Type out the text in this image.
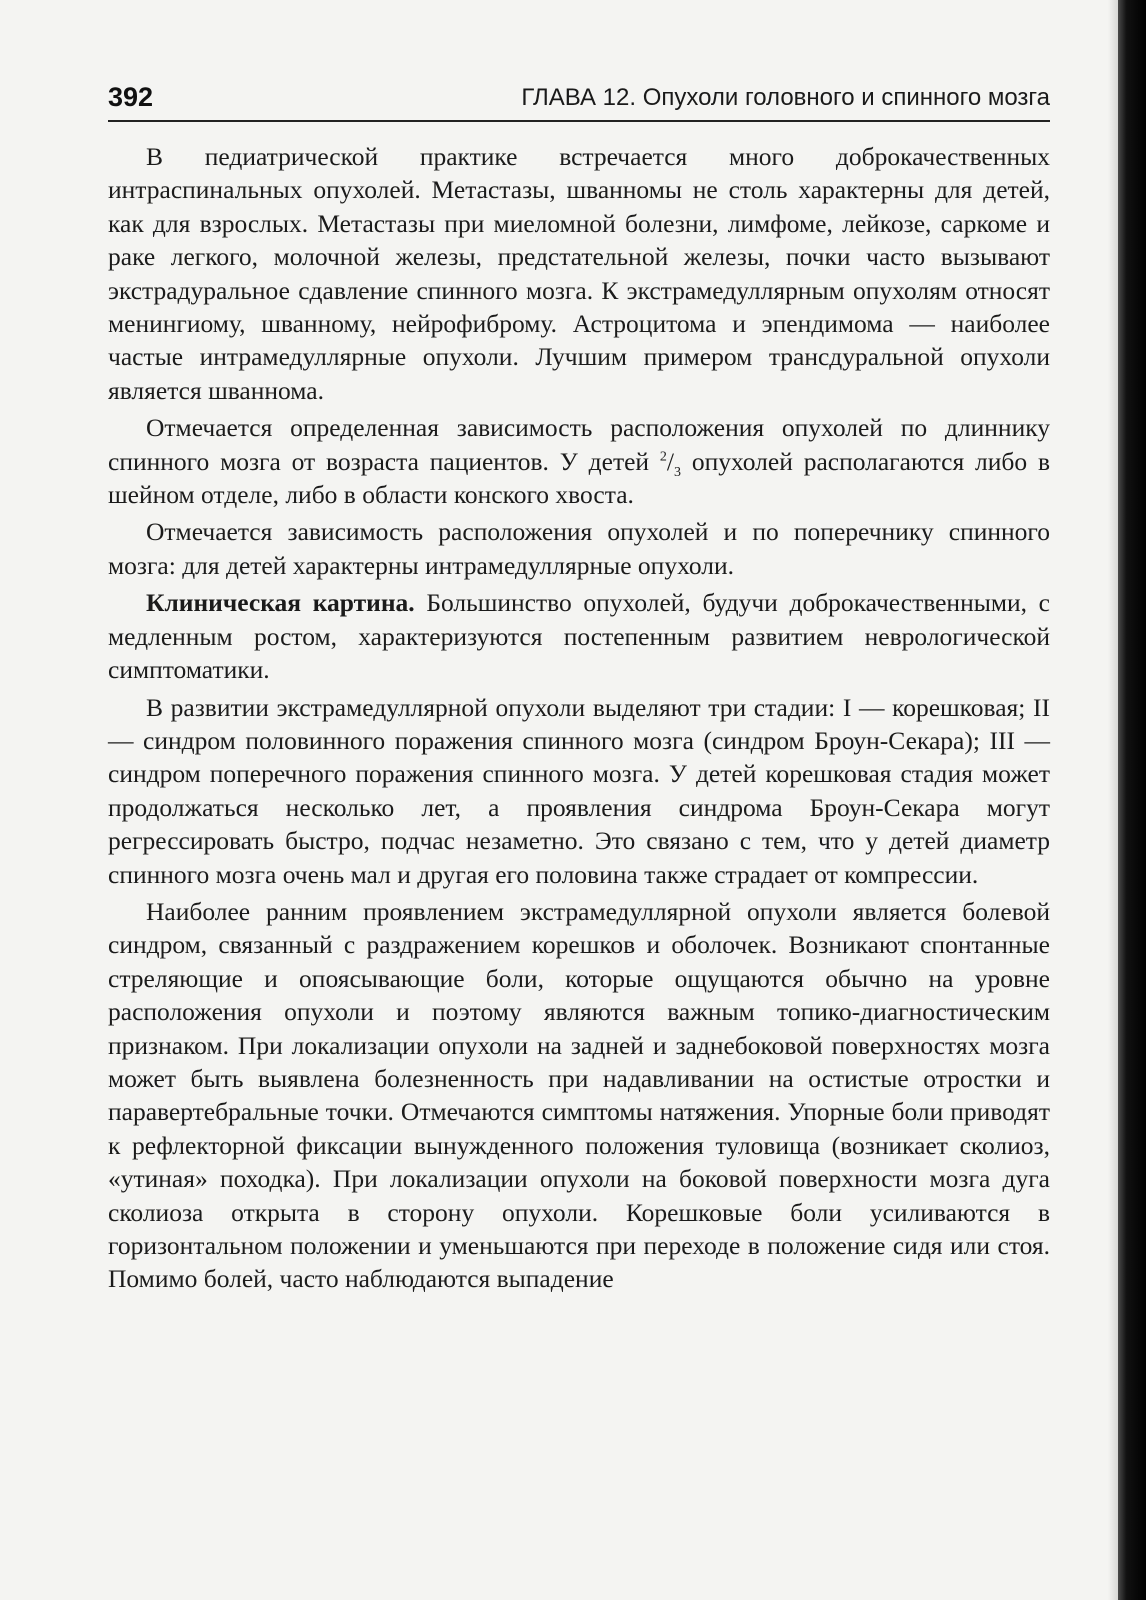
392	ГЛАВА 12. Опухоли головного и спинного мозга

В педиатрической практике встречается много доброкачественных интраспинальных опухолей. Метастазы, шванномы не столь характерны для детей, как для взрослых. Метастазы при миеломной болезни, лимфоме, лейкозе, саркоме и раке легкого, молочной железы, предстательной железы, почки часто вызывают экстрадуральное сдавление спинного мозга. К экстрамедуллярным опухолям относят менингиому, шванному, нейрофиброму. Астроцитома и эпендимома — наиболее частые интрамедуллярные опухоли. Лучшим примером трансдуральной опухоли является шваннома.

Отмечается определенная зависимость расположения опухолей по длиннику спинного мозга от возраста пациентов. У детей $^2/_3$ опухолей располагаются либо в шейном отделе, либо в области конского хвоста.

Отмечается зависимость расположения опухолей и по поперечнику спинного мозга: для детей характерны интрамедуллярные опухоли.

Клиническая картина. Большинство опухолей, будучи доброкачественными, с медленным ростом, характеризуются постепенным развитием неврологической симптоматики.

В развитии экстрамедуллярной опухоли выделяют три стадии: I — корешковая; II — синдром половинного поражения спинного мозга (синдром Броун-Секара); III — синдром поперечного поражения спинного мозга. У детей корешковая стадия может продолжаться несколько лет, а проявления синдрома Броун-Секара могут регрессировать быстро, подчас незаметно. Это связано с тем, что у детей диаметр спинного мозга очень мал и другая его половина также страдает от компрессии.

Наиболее ранним проявлением экстрамедуллярной опухоли является болевой синдром, связанный с раздражением корешков и оболочек. Возникают спонтанные стреляющие и опоясывающие боли, которые ощущаются обычно на уровне расположения опухоли и поэтому являются важным топико-диагностическим признаком. При локализации опухоли на задней и заднебоковой поверхностях мозга может быть выявлена болезненность при надавливании на остистые отростки и паравертебральные точки. Отмечаются симптомы натяжения. Упорные боли приводят к рефлекторной фиксации вынужденного положения туловища (возникает сколиоз, «утиная» походка). При локализации опухоли на боковой поверхности мозга дуга сколиоза открыта в сторону опухоли. Корешковые боли усиливаются в горизонтальном положении и уменьшаются при переходе в положение сидя или стоя. Помимо болей, часто наблюдаются выпадение
